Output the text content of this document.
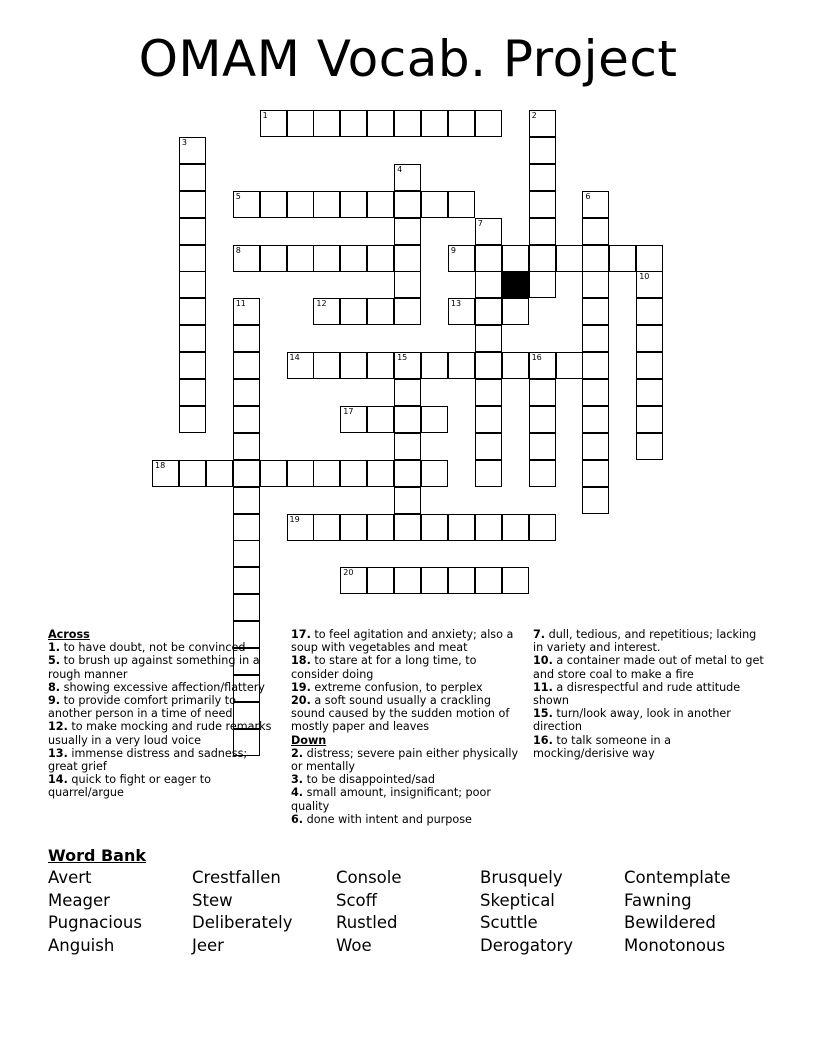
OMAM Vocab. Project
1	2
3
4
5	6
7
8	9
10
11	12	13
14	15	16
17
18
19
20
Across
1. to have doubt, not be convinced
5. to brush up against something in a rough manner
8. showing excessive affection/flattery
9. to provide comfort primarily to another person in a time of need
12. to make mocking and rude remarks usually in a very loud voice
13. immense distress and sadness; great grief
14. quick to fight or eager to quarrel/argue
17. to feel agitation and anxiety; also a soup with vegetables and meat
18. to stare at for a long time, to consider doing
19. extreme confusion, to perplex
20. a soft sound usually a crackling sound caused by the sudden motion of mostly paper and leaves
Down
2. distress; severe pain either physically or mentally
3. to be disappointed/sad
4. small amount, insignificant; poor quality
6. done with intent and purpose
7. dull, tedious, and repetitious; lacking in variety and interest.
10. a container made out of metal to get and store coal to make a fire
11. a disrespectful and rude attitude shown
15. turn/look away, look in another direction
16. to talk someone in a mocking/derisive way
Word Bank
Avert
Meager
Pugnacious
Anguish
Crestfallen
Stew
Deliberately
Jeer
Console
Scoff
Rustled
Woe
Brusquely
Skeptical
Scuttle
Derogatory
Contemplate
Fawning
Bewildered
Monotonous
